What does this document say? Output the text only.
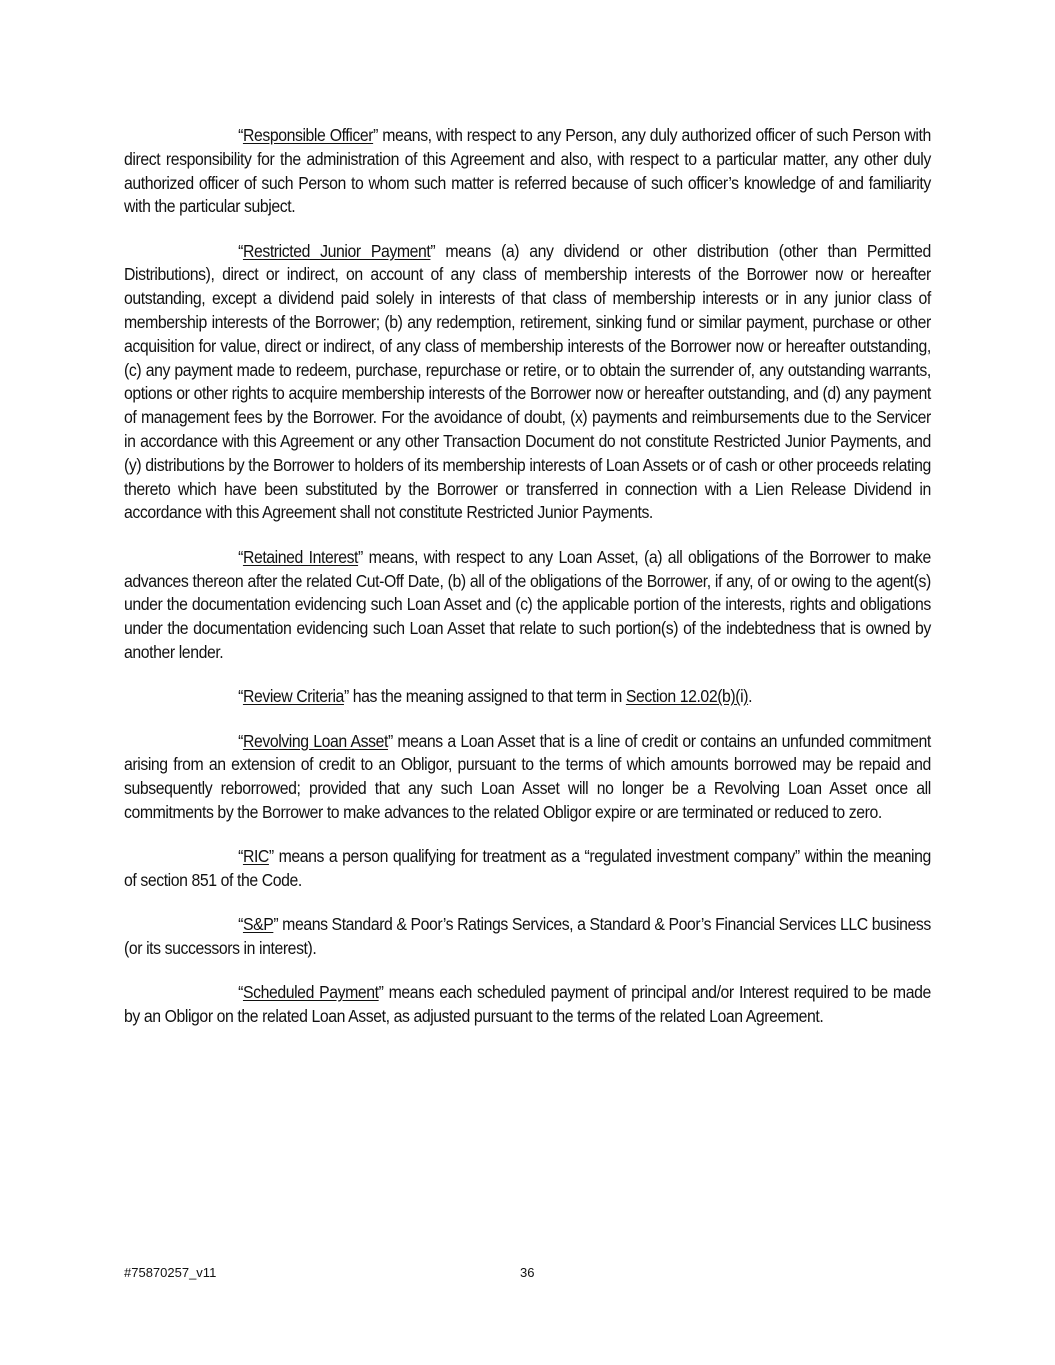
“Responsible Officer” means, with respect to any Person, any duly authorized officer of such Person with direct responsibility for the administration of this Agreement and also, with respect to a particular matter, any other duly authorized officer of such Person to whom such matter is referred because of such officer’s knowledge of and familiarity with the particular subject.

“Restricted Junior Payment” means (a) any dividend or other distribution (other than Permitted Distributions), direct or indirect, on account of any class of membership interests of the Borrower now or hereafter outstanding, except a dividend paid solely in interests of that class of membership interests or in any junior class of membership interests of the Borrower; (b) any redemption, retirement, sinking fund or similar payment, purchase or other acquisition for value, direct or indirect, of any class of membership interests of the Borrower now or hereafter outstanding, (c) any payment made to redeem, purchase, repurchase or retire, or to obtain the surrender of, any outstanding warrants, options or other rights to acquire membership interests of the Borrower now or hereafter outstanding, and (d) any payment of management fees by the Borrower. For the avoidance of doubt, (x) payments and reimbursements due to the Servicer in accordance with this Agreement or any other Transaction Document do not constitute Restricted Junior Payments, and (y) distributions by the Borrower to holders of its membership interests of Loan Assets or of cash or other proceeds relating thereto which have been substituted by the Borrower or transferred in connection with a Lien Release Dividend in accordance with this Agreement shall not constitute Restricted Junior Payments.

“Retained Interest” means, with respect to any Loan Asset, (a) all obligations of the Borrower to make advances thereon after the related Cut-Off Date, (b) all of the obligations of the Borrower, if any, of or owing to the agent(s) under the documentation evidencing such Loan Asset and (c) the applicable portion of the interests, rights and obligations under the documentation evidencing such Loan Asset that relate to such portion(s) of the indebtedness that is owned by another lender.

“Review Criteria” has the meaning assigned to that term in Section 12.02(b)(i).

“Revolving Loan Asset” means a Loan Asset that is a line of credit or contains an unfunded commitment arising from an extension of credit to an Obligor, pursuant to the terms of which amounts borrowed may be repaid and subsequently reborrowed; provided that any such Loan Asset will no longer be a Revolving Loan Asset once all commitments by the Borrower to make advances to the related Obligor expire or are terminated or reduced to zero.

“RIC” means a person qualifying for treatment as a “regulated investment company” within the meaning of section 851 of the Code.

“S&P” means Standard & Poor’s Ratings Services, a Standard & Poor’s Financial Services LLC business (or its successors in interest).

“Scheduled Payment” means each scheduled payment of principal and/or Interest required to be made by an Obligor on the related Loan Asset, as adjusted pursuant to the terms of the related Loan Agreement.

#75870257_v11	36
